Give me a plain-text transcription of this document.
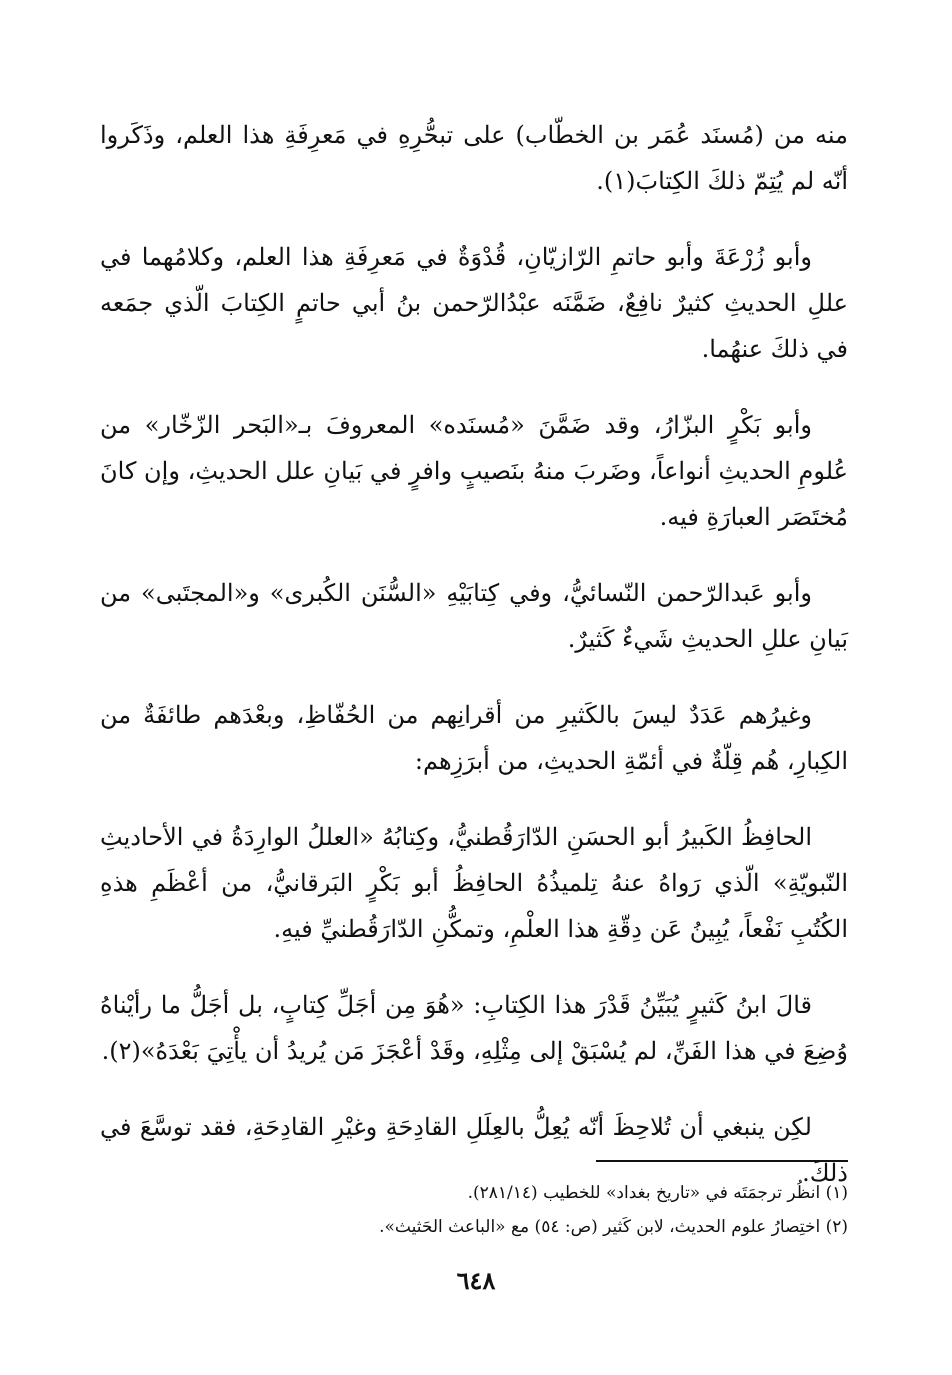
منه من (مُسنَد عُمَر بن الخطّاب) على تبحُّرِهِ في مَعرِفَةِ هذا العلم، وذَكَروا أنّه لم يُتِمّ ذلكَ الكِتابَ(١).

وأبو زُرْعَةَ وأبو حاتمِ الرّازيّانِ، قُدْوَةٌ في مَعرِفَةِ هذا العلم، وكلامُهما في عللِ الحديثِ كثيرٌ نافِعٌ، ضَمَّنَه عبْدُالرّحمن بنُ أبي حاتمٍ الكِتابَ الّذي جمَعه في ذلكَ عنهُما.

وأبو بَكْرٍ البزّارُ، وقد ضَمَّنَ «مُسنَده» المعروفَ بـ«البَحر الزّخّار» من عُلومِ الحديثِ أنواعاً، وضَربَ منهُ بنَصيبٍ وافرٍ في بَيانِ علل الحديثِ، وإن كانَ مُختَصَر العبارَةِ فيه.

وأبو عَبدالرّحمن النّسائيُّ، وفي كِتابَيْهِ «السُّنَن الكُبرى» و«المجتَبى» من بَيانِ عللِ الحديثِ شَيءٌ كَثيرٌ.

وغيرُهم عَدَدٌ ليسَ بالكَثيرِ من أقرانِهم من الحُفّاظِ، وبعْدَهم طائفَةٌ من الكِبارِ، هُم قِلّةٌ في أئمّةِ الحديثِ، من أبرَزِهم:

الحافِظُ الكَبيرُ أبو الحسَنِ الدّارَقُطنيُّ، وكِتابُهُ «العللُ الوارِدَةُ في الأحاديثِ النّبويّةِ» الّذي رَواهُ عنهُ تِلميذُهُ الحافِظُ أبو بَكْرٍ البَرقانيُّ، من أعْظَمِ هذهِ الكُتُبِ نَفْعاً، يُبِينُ عَن دِقّةِ هذا العلْمِ، وتمكُّنِ الدّارَقُطنيِّ فيهِ.

قالَ ابنُ كَثيرٍ يُبَيِّنُ قَدْرَ هذا الكِتابِ: «هُوَ مِن أجَلِّ كِتابٍ، بل أجَلُّ ما رأيْناهُ وُضِعَ في هذا الفَنِّ، لم يُسْبَقْ إلى مِثْلِهِ، وقَدْ أعْجَزَ مَن يُريدُ أن يأْتِيَ بَعْدَهُ»(٢).

لكِن ينبغي أن تُلاحِظَ أنّه يُعِلُّ بالعِلَلِ القادِحَةِ وغيْرِ القادِحَةِ، فقد توسَّعَ في ذلكَ.

(١) انظُر ترجمَتَه في «تاريخ بغداد» للخطيب (٢٨١/١٤).

(٢) اختِصارُ علوم الحديث، لابن كَثير (ص: ٥٤) مع «الباعث الحَثيث».

٦٤٨
